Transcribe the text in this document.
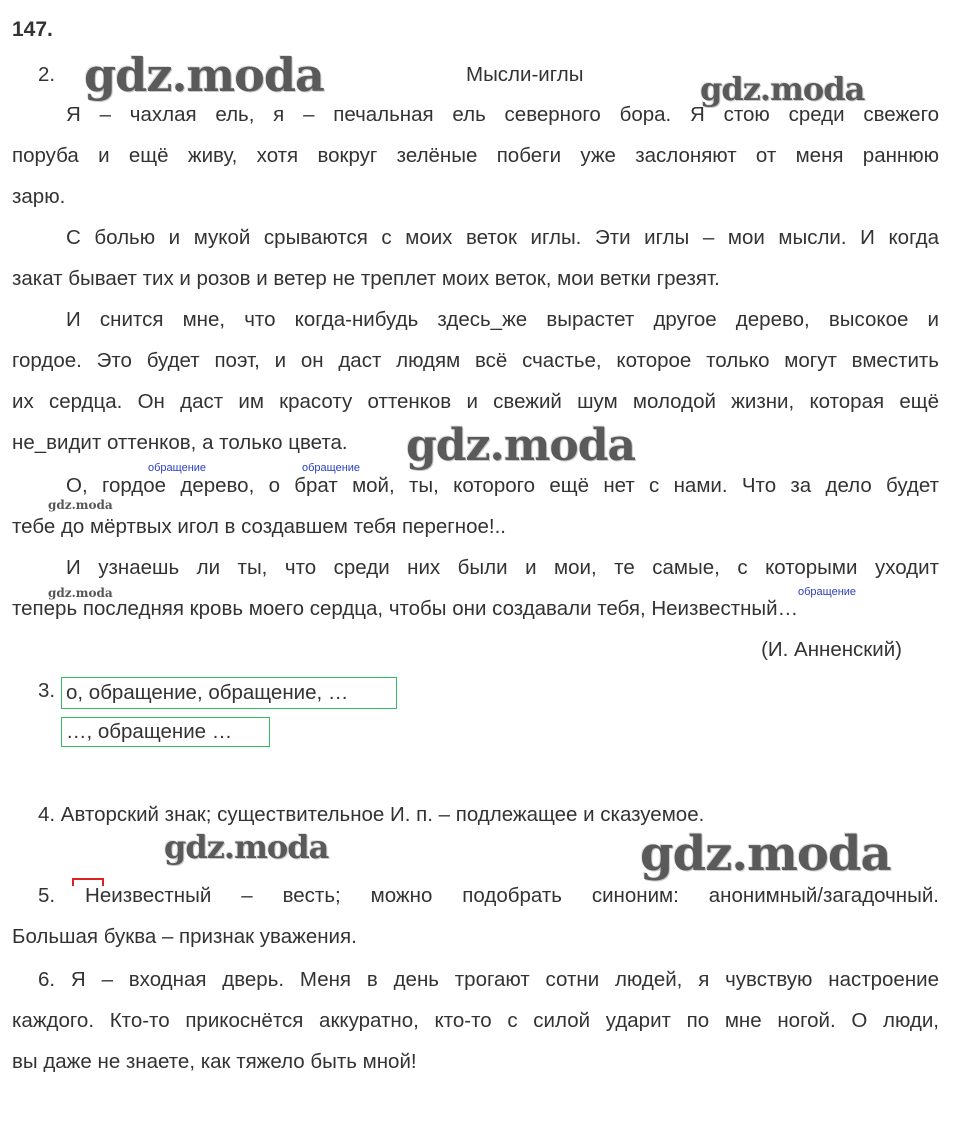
147.
2.	Мысли-иглы
gdz.moda	gdz.moda
gdz.moda
gdz.moda
gdz.moda
gdz.moda	gdz.moda
Я – чахлая ель, я – печальная ель северного бора. Я стою среди свежего
поруба и ещё живу, хотя вокруг зелёные побеги уже заслоняют от меня раннюю
зарю.
С болью и мукой срываются с моих веток иглы. Эти иглы – мои мысли. И когда
закат бывает тих и розов и ветер не треплет моих веток, мои ветки грезят.
И снится мне, что когда-нибудь здесь_же вырастет другое дерево, высокое и
гордое. Это будет поэт, и он даст людям всё счастье, которое только могут вместить
их сердца. Он даст им красоту оттенков и свежий шум молодой жизни, которая ещё
не_видит оттенков, а только цвета.
обращение	обращение
О, гордое дерево, о брат мой, ты, которого ещё нет с нами. Что за дело будет
тебе до мёртвых игол в создавшем тебя перегное!..
И узнаешь ли ты, что среди них были и мои, те самые, с которыми уходит
обращение
теперь последняя кровь моего сердца, чтобы они создавали тебя, Неизвестный…
(И. Анненский)
3. о, обращение, обращение, …
…, обращение …
4. Авторский знак; существительное И. п. – подлежащее и сказуемое.
5. Неизвестный – весть; можно подобрать синоним: анонимный/загадочный.
Большая буква – признак уважения.
6. Я – входная дверь. Меня в день трогают сотни людей, я чувствую настроение
каждого. Кто-то прикоснётся аккуратно, кто-то с силой ударит по мне ногой. О люди,
вы даже не знаете, как тяжело быть мной!
